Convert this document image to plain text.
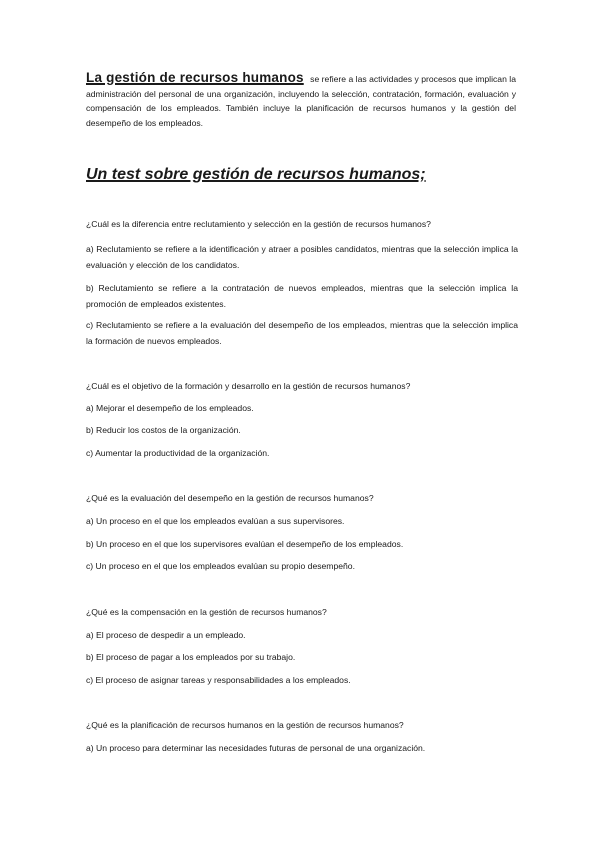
La gestión de recursos humanos se refiere a las actividades y procesos que implican la administración del personal de una organización, incluyendo la selección, contratación, formación, evaluación y compensación de los empleados. También incluye la planificación de recursos humanos y la gestión del desempeño de los empleados.

Un test sobre gestión de recursos humanos;

¿Cuál es la diferencia entre reclutamiento y selección en la gestión de recursos humanos?

a) Reclutamiento se refiere a la identificación y atraer a posibles candidatos, mientras que la selección implica la evaluación y elección de los candidatos.

b) Reclutamiento se refiere a la contratación de nuevos empleados, mientras que la selección implica la promoción de empleados existentes.

c) Reclutamiento se refiere a la evaluación del desempeño de los empleados, mientras que la selección implica la formación de nuevos empleados.

¿Cuál es el objetivo de la formación y desarrollo en la gestión de recursos humanos?

a) Mejorar el desempeño de los empleados.

b) Reducir los costos de la organización.

c) Aumentar la productividad de la organización.

¿Qué es la evaluación del desempeño en la gestión de recursos humanos?

a) Un proceso en el que los empleados evalúan a sus supervisores.

b) Un proceso en el que los supervisores evalúan el desempeño de los empleados.

c) Un proceso en el que los empleados evalúan su propio desempeño.

¿Qué es la compensación en la gestión de recursos humanos?

a) El proceso de despedir a un empleado.

b) El proceso de pagar a los empleados por su trabajo.

c) El proceso de asignar tareas y responsabilidades a los empleados.

¿Qué es la planificación de recursos humanos en la gestión de recursos humanos?

a) Un proceso para determinar las necesidades futuras de personal de una organización.
